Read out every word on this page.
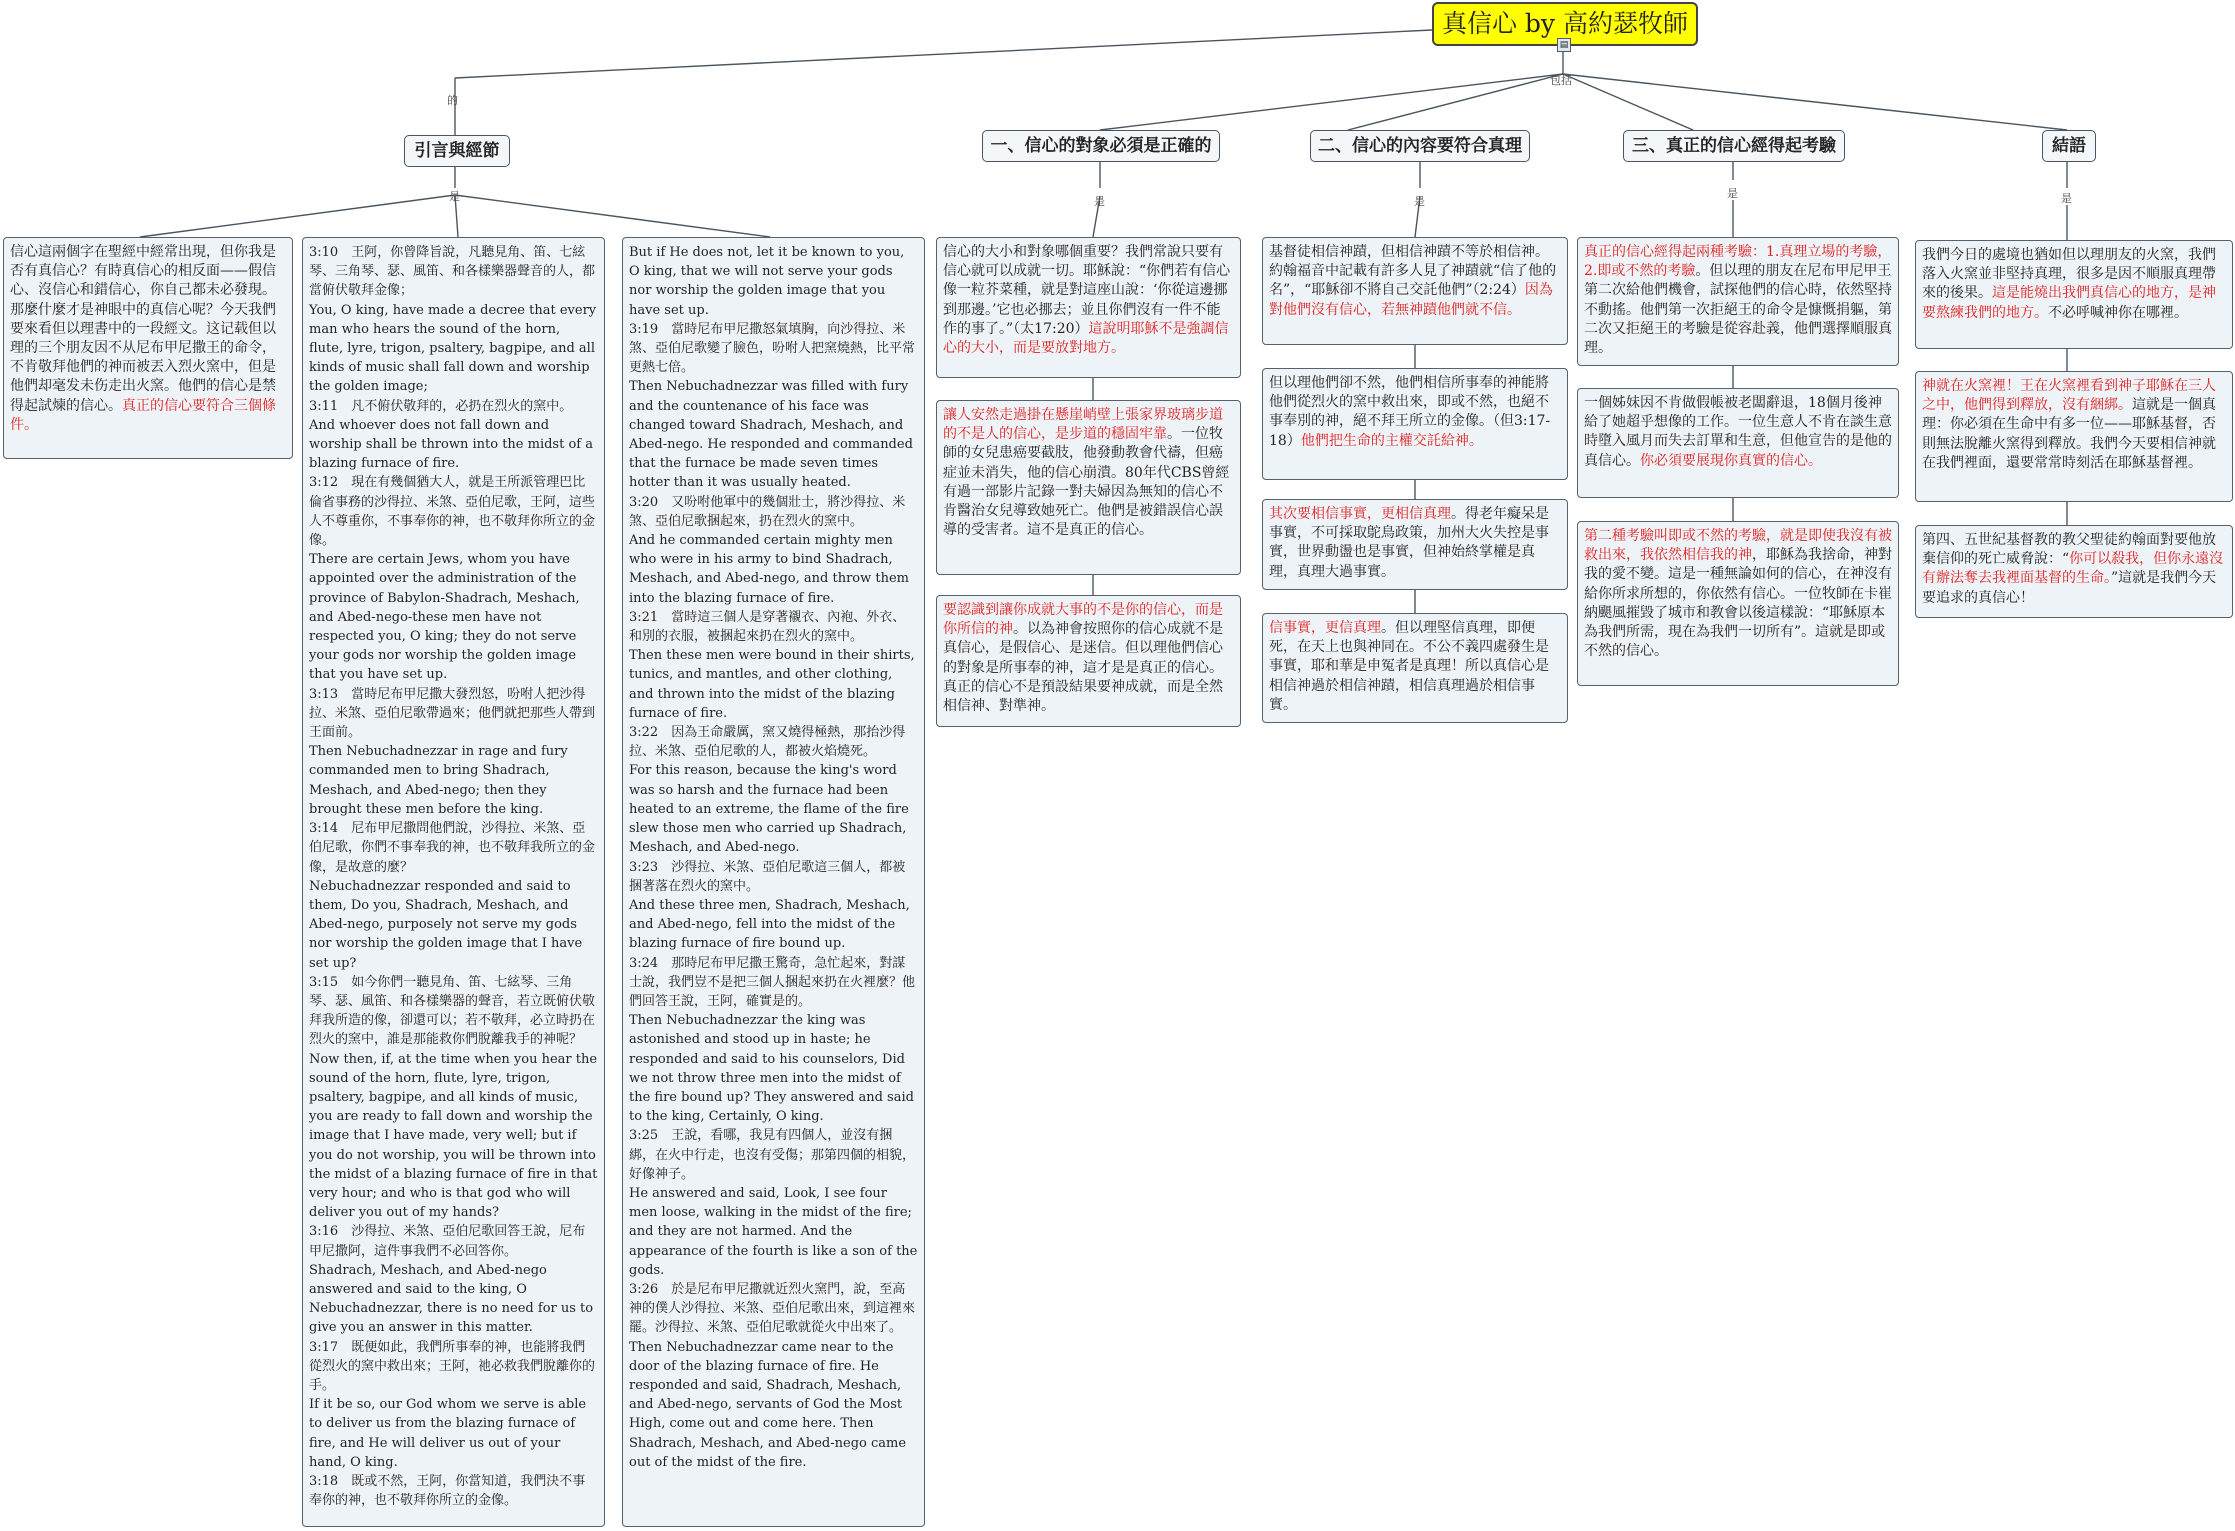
真信心 by 高約瑟牧師
▤
的
包括
是	是	是
是	是
引言與經節	一、信心的對象必須是正確的	二、信心的內容要符合真理	三、真正的信心經得起考驗	結語
信心這兩個字在聖經中經常出現，但你我是否有真信心？有時真信心的相反面——假信心、沒信心和錯信心，你自己都未必發現。那麼什麼才是神眼中的真信心呢？今天我們要來看但以理書中的一段經文。这记载但以理的三个朋友因不从尼布甲尼撒王的命令，不肯敬拜他們的神而被丟入烈火窯中，但是他們却毫发未伤走出火窯。他們的信心是禁得起試煉的信心。真正的信心要符合三個條件。

3:10　王阿，你曾降旨說，凡聽見角、笛、七絃琴、三角琴、瑟、風笛、和各樣樂器聲音的人，都當俯伏敬拜金像；

You, O king, have made a decree that every man who hears the sound of the horn, flute, lyre, trigon, psaltery, bagpipe, and all kinds of music shall fall down and worship the golden image;

3:11　凡不俯伏敬拜的，必扔在烈火的窯中。

And whoever does not fall down and worship shall be thrown into the midst of a blazing furnace of fire.

3:12　現在有幾個猶大人，就是王所派管理巴比倫省事務的沙得拉、米煞、亞伯尼歌，王阿，這些人不尊重你，不事奉你的神，也不敬拜你所立的金像。

There are certain Jews, whom you have appointed over the administration of the province of Babylon-Shadrach, Meshach, and Abed-nego-these men have not respected you, O king; they do not serve your gods nor worship the golden image that you have set up.

3:13　當時尼布甲尼撒大發烈怒，吩咐人把沙得拉、米煞、亞伯尼歌帶過來；他們就把那些人帶到王面前。

Then Nebuchadnezzar in rage and fury commanded men to bring Shadrach, Meshach, and Abed-nego; then they brought these men before the king.

3:14　尼布甲尼撒問他們說，沙得拉、米煞、亞伯尼歌，你們不事奉我的神，也不敬拜我所立的金像，是故意的麼？

Nebuchadnezzar responded and said to them, Do you, Shadrach, Meshach, and Abed-nego, purposely not serve my gods nor worship the golden image that I have set up?

3:15　如今你們一聽見角、笛、七絃琴、三角琴、瑟、風笛、和各樣樂器的聲音，若立既俯伏敬拜我所造的像，卻還可以；若不敬拜，必立時扔在烈火的窯中，誰是那能救你們脫離我手的神呢？

Now then, if, at the time when you hear the sound of the horn, flute, lyre, trigon, psaltery, bagpipe, and all kinds of music, you are ready to fall down and worship the image that I have made, very well; but if you do not worship, you will be thrown into the midst of a blazing furnace of fire in that very hour; and who is that god who will deliver you out of my hands?

3:16　沙得拉、米煞、亞伯尼歌回答王說，尼布甲尼撒阿，這件事我們不必回答你。

Shadrach, Meshach, and Abed-nego answered and said to the king, O Nebuchadnezzar, there is no need for us to give you an answer in this matter.

3:17　既便如此，我們所事奉的神，也能將我們從烈火的窯中救出來；王阿，祂必救我們脫離你的手。

If it be so, our God whom we serve is able to deliver us from the blazing furnace of fire, and He will deliver us out of your hand, O king.

3:18　既或不然，王阿，你當知道，我們決不事奉你的神，也不敬拜你所立的金像。

But if He does not, let it be known to you, O king, that we will not serve your gods nor worship the golden image that you have set up.

3:19　當時尼布甲尼撒怒氣填胸，向沙得拉、米煞、亞伯尼歌變了臉色，吩咐人把窯燒熱，比平常更熱七倍。

Then Nebuchadnezzar was filled with fury and the countenance of his face was changed toward Shadrach, Meshach, and Abed-nego. He responded and commanded that the furnace be made seven times hotter than it was usually heated.

3:20　又吩咐他軍中的幾個壯士，將沙得拉、米煞、亞伯尼歌捆起來，扔在烈火的窯中。

And he commanded certain mighty men who were in his army to bind Shadrach, Meshach, and Abed-nego, and throw them into the blazing furnace of fire.

3:21　當時這三個人是穿著襯衣、內袍、外衣、和別的衣服，被捆起來扔在烈火的窯中。

Then these men were bound in their shirts, tunics, and mantles, and other clothing, and thrown into the midst of the blazing furnace of fire.

3:22　因為王命嚴厲，窯又燒得極熱，那抬沙得拉、米煞、亞伯尼歌的人，都被火焰燒死。

For this reason, because the king's word was so harsh and the furnace had been heated to an extreme, the flame of the fire slew those men who carried up Shadrach, Meshach, and Abed-nego.

3:23　沙得拉、米煞、亞伯尼歌這三個人，都被捆著落在烈火的窯中。

And these three men, Shadrach, Meshach, and Abed-nego, fell into the midst of the blazing furnace of fire bound up.

3:24　那時尼布甲尼撒王驚奇，急忙起來，對謀士說，我們豈不是把三個人捆起來扔在火裡麼？他們回答王說，王阿，確實是的。

Then Nebuchadnezzar the king was astonished and stood up in haste; he responded and said to his counselors, Did we not throw three men into the midst of the fire bound up? They answered and said to the king, Certainly, O king.

3:25　王說，看哪，我見有四個人，並沒有捆綁，在火中行走，也沒有受傷；那第四個的相貌，好像神子。

He answered and said, Look, I see four men loose, walking in the midst of the fire; and they are not harmed. And the appearance of the fourth is like a son of the gods.

3:26　於是尼布甲尼撒就近烈火窯門，說，至高神的僕人沙得拉、米煞、亞伯尼歌出來，到這裡來罷。沙得拉、米煞、亞伯尼歌就從火中出來了。

Then Nebuchadnezzar came near to the door of the blazing furnace of fire. He responded and said, Shadrach, Meshach, and Abed-nego, servants of God the Most High, come out and come here. Then Shadrach, Meshach, and Abed-nego came out of the midst of the fire.

信心的大小和對象哪個重要？我們常說只要有信心就可以成就一切。耶穌說：“你們若有信心像一粒芥菜種，就是對這座山說：‘你從這邊挪到那邊。’它也必挪去；並且你們沒有一件不能作的事了。”（太17:20）這說明耶穌不是強調信心的大小，而是要放對地方。
讓人安然走過掛在懸崖峭壁上張家界玻璃步道的不是人的信心，是步道的穩固牢靠。一位牧師的女兒患癌要截肢，他發動教會代禱，但癌症並未消失，他的信心崩潰。80年代CBS曾經有過一部影片記錄一對夫婦因為無知的信心不肯醫治女兒導致她死亡。他們是被錯誤信心誤導的受害者。這不是真正的信心。
要認識到讓你成就大事的不是你的信心，而是你所信的神。以為神會按照你的信心成就不是真信心，是假信心、是迷信。但以理他們信心的對象是所事奉的神，這才是是真正的信心。真正的信心不是預設結果要神成就，而是全然相信神、對準神。
基督徒相信神蹟，但相信神蹟不等於相信神。約翰福音中記載有許多人見了神蹟就“信了他的名”，“耶穌卻不將自己交託他們”（2:24）因為對他們沒有信心，若無神蹟他們就不信。
但以理他們卻不然，他們相信所事奉的神能將他們從烈火的窯中救出來，即或不然，也絕不事奉別的神，絕不拜王所立的金像。（但3:17-18）他們把生命的主權交託給神。
其次要相信事實，更相信真理。得老年癡呆是事實，不可採取鴕鳥政策，加州大火失控是事實，世界動盪也是事實，但神始終掌權是真理，真理大過事實。
信事實，更信真理。但以理堅信真理，即便死，在天上也與神同在。不公不義四處發生是事實，耶和華是申冤者是真理！所以真信心是相信神過於相信神蹟，相信真理過於相信事實。
真正的信心經得起兩種考驗：1.真理立場的考驗，2.即或不然的考驗。但以理的朋友在尼布甲尼甲王第二次給他們機會，試探他們的信心時，依然堅持不動搖。他們第一次拒絕王的命令是慷慨捐軀，第二次又拒絕王的考驗是從容赴義，他們選擇順服真理。
一個姊妹因不肯做假帳被老闆辭退，18個月後神給了她超乎想像的工作。一位生意人不肯在談生意時墮入風月而失去訂單和生意，但他宣告的是他的真信心。你必須要展現你真實的信心。
第二種考驗叫即或不然的考驗，就是即使我沒有被救出來，我依然相信我的神，耶穌為我捨命，神對我的愛不變。這是一種無論如何的信心，在神沒有給你所求所想的，你依然有信心。一位牧師在卡崔納颶風摧毀了城市和教會以後這樣說：“耶穌原本為我們所需，現在為我們一切所有”。這就是即或不然的信心。
我們今日的處境也猶如但以理朋友的火窯，我們落入火窯並非堅持真理，很多是因不順服真理帶來的後果。這是能燒出我們真信心的地方，是神要熬練我們的地方。不必呼喊神你在哪裡。
神就在火窯裡！王在火窯裡看到神子耶穌在三人之中，他們得到釋放，沒有綑綁。這就是一個真理：你必須在生命中有多一位——耶穌基督，否則無法脫離火窯得到釋放。我們今天要相信神就在我們裡面，還要常常時刻活在耶穌基督裡。
第四、五世紀基督教的教父聖徒約翰面對要他放棄信仰的死亡威脅說：“你可以殺我，但你永遠沒有辦法奪去我裡面基督的生命。”這就是我們今天要追求的真信心！
